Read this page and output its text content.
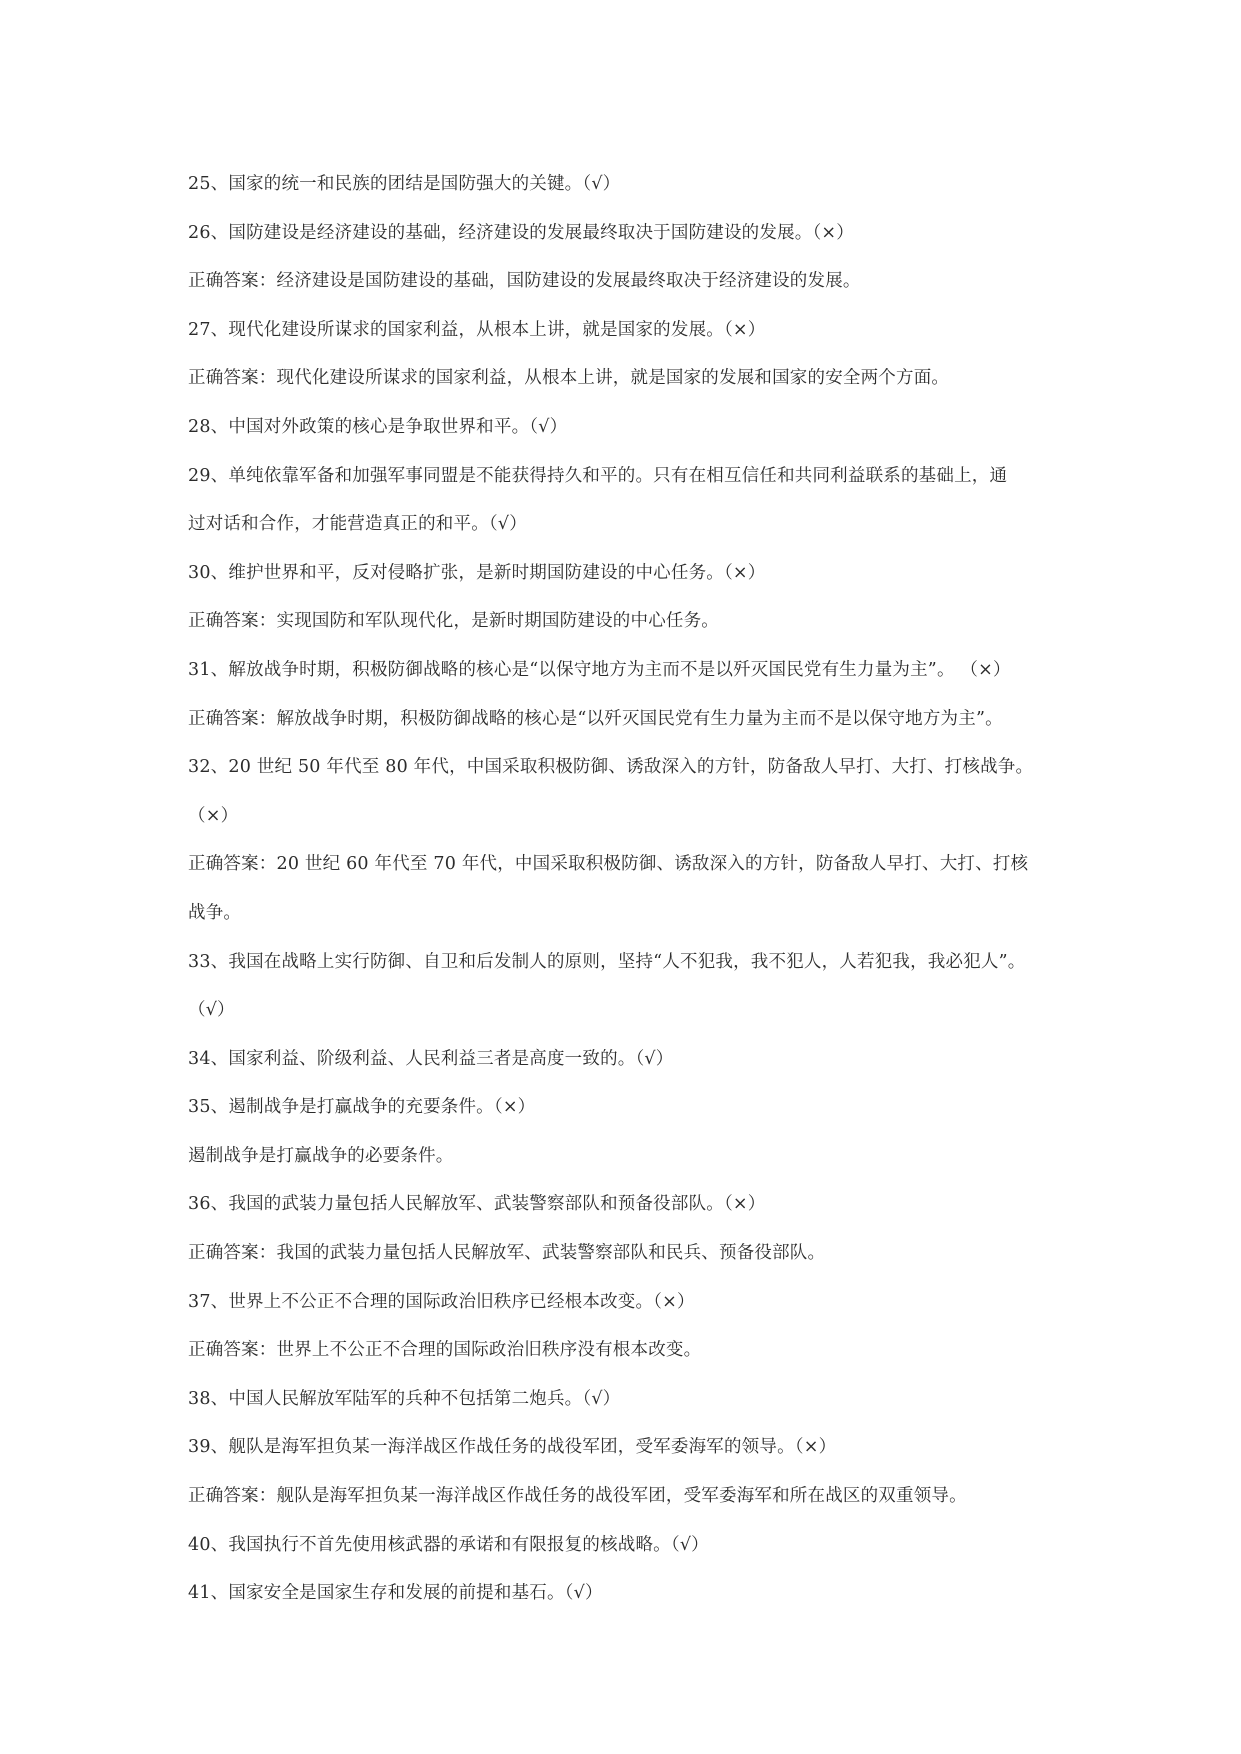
25、国家的统一和民族的团结是国防强大的关键。（√）
26、国防建设是经济建设的基础，经济建设的发展最终取决于国防建设的发展。（×）
正确答案：经济建设是国防建设的基础，国防建设的发展最终取决于经济建设的发展。
27、现代化建设所谋求的国家利益，从根本上讲，就是国家的发展。（×）
正确答案：现代化建设所谋求的国家利益，从根本上讲，就是国家的发展和国家的安全两个方面。
28、中国对外政策的核心是争取世界和平。（√）
29、单纯依靠军备和加强军事同盟是不能获得持久和平的。只有在相互信任和共同利益联系的基础上，通
过对话和合作，才能营造真正的和平。（√）
30、维护世界和平，反对侵略扩张，是新时期国防建设的中心任务。（×）
正确答案：实现国防和军队现代化，是新时期国防建设的中心任务。
31、解放战争时期，积极防御战略的核心是“以保守地方为主而不是以歼灭国民党有生力量为主”。 （×）
正确答案：解放战争时期，积极防御战略的核心是“以歼灭国民党有生力量为主而不是以保守地方为主”。
32、20 世纪 50 年代至 80 年代，中国采取积极防御、诱敌深入的方针，防备敌人早打、大打、打核战争。
（×）
正确答案：20 世纪 60 年代至 70 年代，中国采取积极防御、诱敌深入的方针，防备敌人早打、大打、打核
战争。
33、我国在战略上实行防御、自卫和后发制人的原则，坚持“人不犯我，我不犯人，人若犯我，我必犯人”。
（√）
34、国家利益、阶级利益、人民利益三者是高度一致的。（√）
35、遏制战争是打赢战争的充要条件。（×）
遏制战争是打赢战争的必要条件。
36、我国的武装力量包括人民解放军、武装警察部队和预备役部队。（×）
正确答案：我国的武装力量包括人民解放军、武装警察部队和民兵、预备役部队。
37、世界上不公正不合理的国际政治旧秩序已经根本改变。（×）
正确答案：世界上不公正不合理的国际政治旧秩序没有根本改变。
38、中国人民解放军陆军的兵种不包括第二炮兵。（√）
39、舰队是海军担负某一海洋战区作战任务的战役军团，受军委海军的领导。（×）
正确答案：舰队是海军担负某一海洋战区作战任务的战役军团，受军委海军和所在战区的双重领导。
40、我国执行不首先使用核武器的承诺和有限报复的核战略。（√）
41、国家安全是国家生存和发展的前提和基石。（√）
